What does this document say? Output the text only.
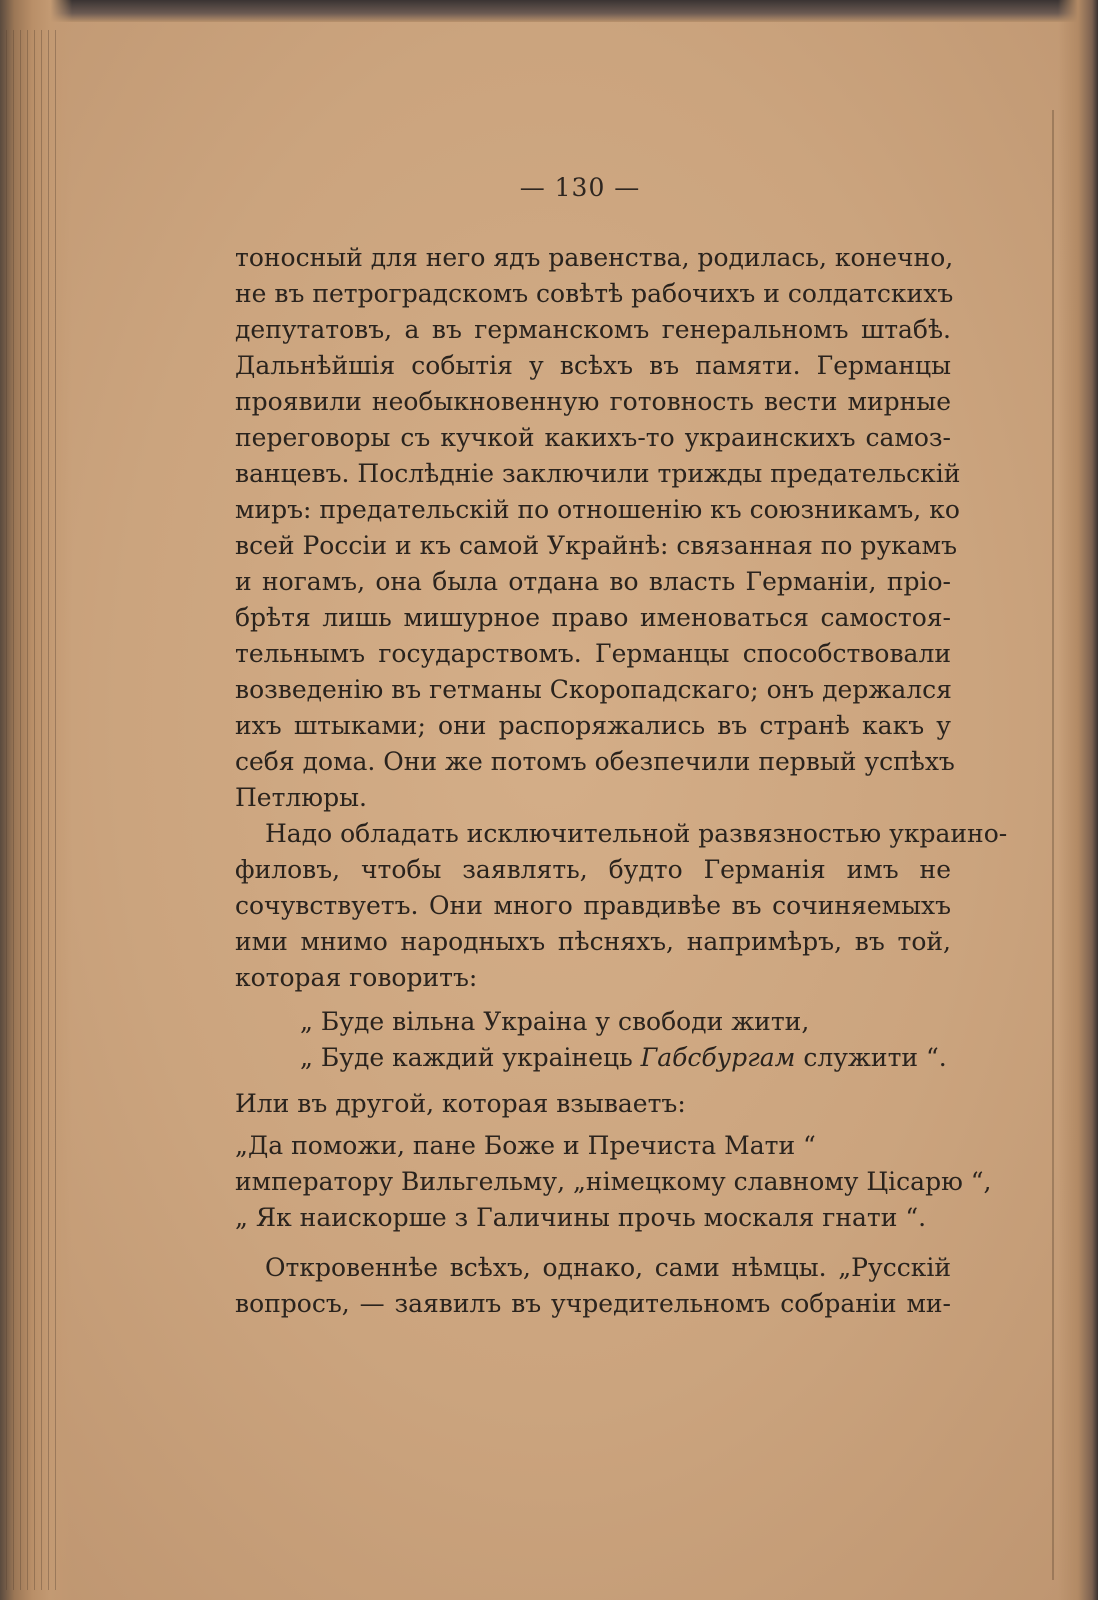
— 130 —
тоносный для него ядъ равенства, родилась, конечно,
не въ петроградскомъ совѣтѣ рабочихъ и солдатскихъ
депутатовъ, а въ германскомъ генеральномъ штабѣ.
Дальнѣйшія событія у всѣхъ въ памяти. Германцы
проявили необыкновенную готовность вести мирные
переговоры съ кучкой какихъ-то украинскихъ самоз-
ванцевъ. Послѣдніе заключили трижды предательскій
миръ: предательскій по отношенію къ союзникамъ, ко
всей Россіи и къ самой Украйнѣ: связанная по рукамъ
и ногамъ, она была отдана во власть Германіи, пріо-
брѣтя лишь мишурное право именоваться самостоя-
тельнымъ государствомъ. Германцы способствовали
возведенію въ гетманы Скоропадскаго; онъ держался
ихъ штыками; они распоряжались въ странѣ какъ у
себя дома. Они же потомъ обезпечили первый успѣхъ
Петлюры.
Надо обладать исключительной развязностью украино-
филовъ, чтобы заявлять, будто Германія имъ не
сочувствуетъ. Они много правдивѣе въ сочиняемыхъ
ими мнимо народныхъ пѣсняхъ, напримѣръ, въ той,
которая говоритъ:
„ Буде вільна Украіна у свободи жити,
„ Буде каждий украінець Габсбургам служити “.
Или въ другой, которая взываетъ:
„Да поможи, пане Боже и Пречиста Мати “
императору Вильгельму, „німецкому славному Цісарю “,
„ Як наискорше з Галичины прочь москаля гнати “.
Откровеннѣе всѣхъ, однако, сами нѣмцы. „Русскій
вопросъ, — заявилъ въ учредительномъ собраніи ми-
